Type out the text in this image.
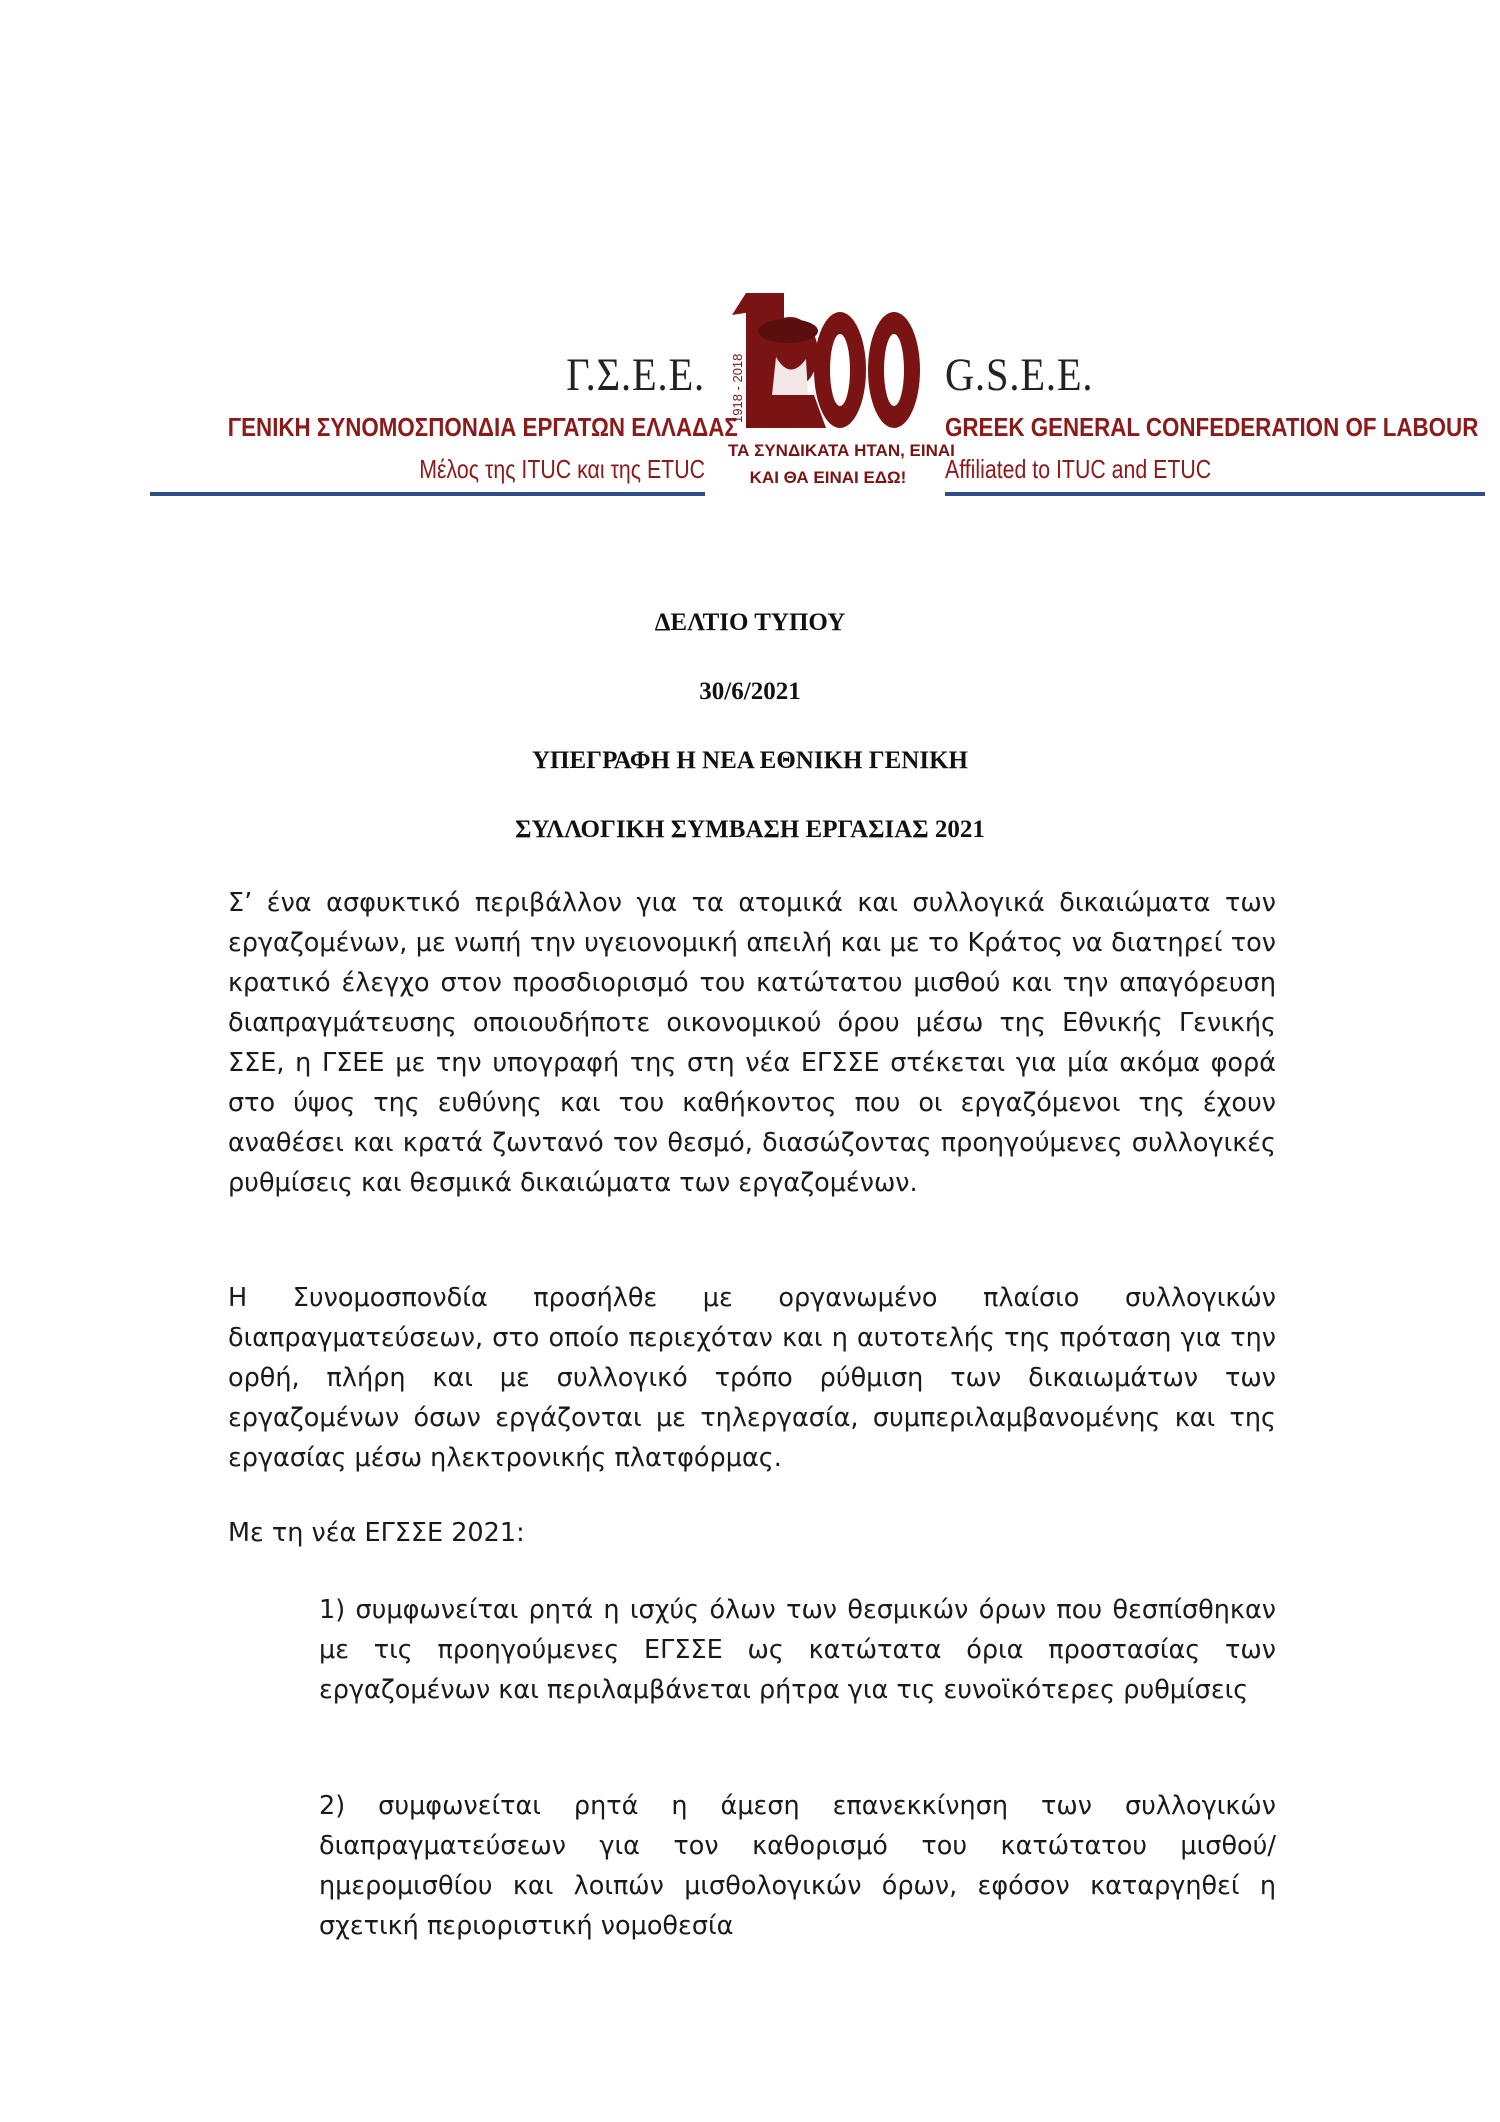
Γ.Σ.Ε.Ε.
ΓΕΝΙΚΗ ΣΥΝΟΜΟΣΠΟΝΔΙΑ ΕΡΓΑΤΩΝ ΕΛΛΑΔΑΣ
Μέλος της ITUC και της ETUC
1918 - 2018
ΤΑ ΣΥΝΔΙΚΑΤΑ ΗΤΑΝ, ΕΙΝΑΙ
ΚΑΙ ΘΑ ΕΙΝΑΙ ΕΔΩ!
G.S.E.E.
GREEK GENERAL CONFEDERATION OF LABOUR
Affiliated to ITUC and ETUC
ΔΕΛΤΙΟ ΤΥΠΟΥ
30/6/2021
ΥΠΕΓΡΑΦΗ Η ΝΕΑ ΕΘΝΙΚΗ ΓΕΝΙΚΗ
ΣΥΛΛΟΓΙΚΗ ΣΥΜΒΑΣΗ ΕΡΓΑΣΙΑΣ 2021

Σ’ ένα ασφυκτικό περιβάλλον για τα ατομικά και συλλογικά δικαιώματα των εργαζομένων, με νωπή την υγειονομική απειλή και με το Κράτος να διατηρεί τον κρατικό έλεγχο στον προσδιορισμό του κατώτατου μισθού και την απαγόρευση διαπραγμάτευσης οποιουδήποτε οικονομικού όρου μέσω της Εθνικής Γενικής ΣΣΕ, η ΓΣΕΕ με την υπογραφή της στη νέα ΕΓΣΣΕ στέκεται για μία ακόμα φορά στο ύψος της ευθύνης και του καθήκοντος που οι εργαζόμενοι της έχουν αναθέσει και κρατά ζωντανό τον θεσμό, διασώζοντας προηγούμενες συλλογικές ρυθμίσεις και θεσμικά δικαιώματα των εργαζομένων.

Η Συνομοσπονδία προσήλθε με οργανωμένο πλαίσιο συλλογικών διαπραγματεύσεων, στο οποίο περιεχόταν και η αυτοτελής της πρόταση για την ορθή, πλήρη και με συλλογικό τρόπο ρύθμιση των δικαιωμάτων των εργαζομένων όσων εργάζονται με τηλεργασία, συμπεριλαμβανομένης και της εργασίας μέσω ηλεκτρονικής πλατφόρμας.

Με τη νέα ΕΓΣΣΕ 2021:

1) συμφωνείται ρητά η ισχύς όλων των θεσμικών όρων που θεσπίσθηκαν με τις προηγούμενες ΕΓΣΣΕ ως κατώτατα όρια προστασίας των εργαζομένων και περιλαμβάνεται ρήτρα για τις ευνοϊκότερες ρυθμίσεις

2) συμφωνείται ρητά η άμεση επανεκκίνηση των συλλογικών διαπραγματεύσεων για τον καθορισμό του κατώτατου μισθού/ημερομισθίου και λοιπών μισθολογικών όρων, εφόσον καταργηθεί η σχετική περιοριστική νομοθεσία
